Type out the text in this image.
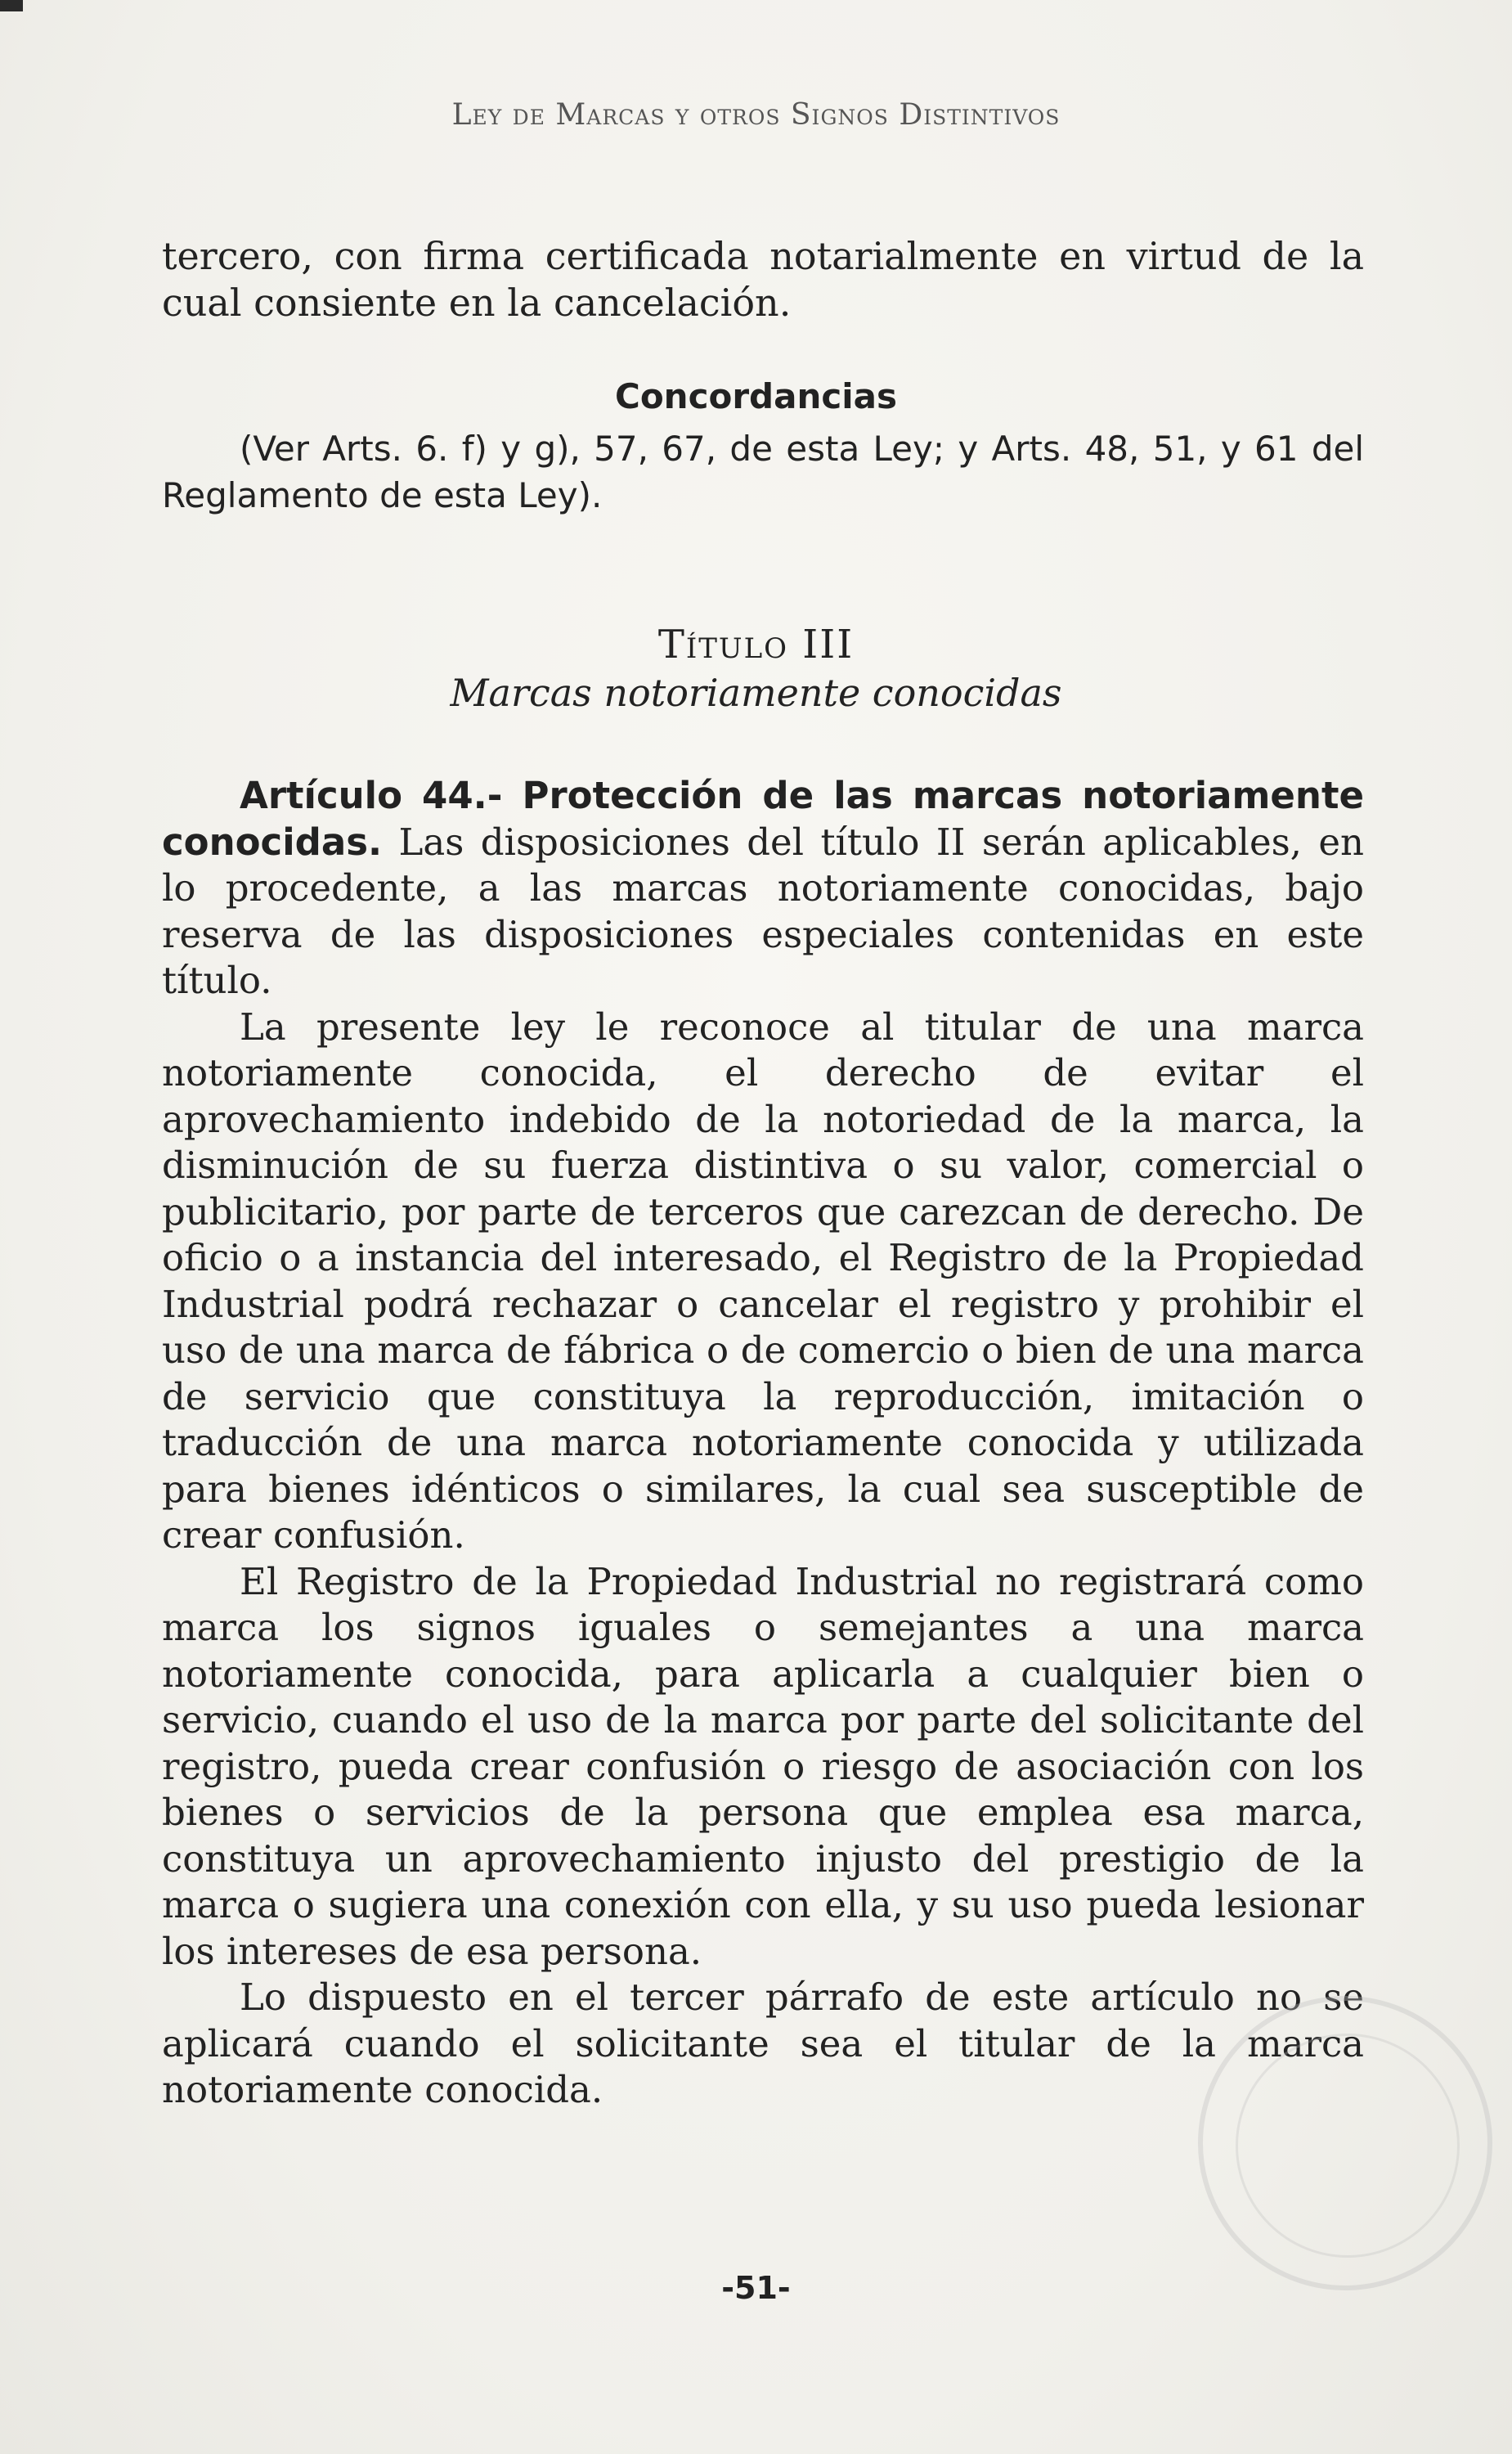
Ley de Marcas y otros Signos Distintivos

tercero, con firma certificada notarialmente en virtud de la cual consiente en la cancelación.

Concordancias

(Ver Arts. 6. f) y g), 57, 67, de esta Ley; y Arts. 48, 51, y 61 del Reglamento de esta Ley).

Título III
Marcas notoriamente conocidas

Artículo 44.- Protección de las marcas notoriamente conocidas. Las disposiciones del título II serán aplicables, en lo procedente, a las marcas notoriamente conocidas, bajo reserva de las disposiciones especiales contenidas en este título.

La presente ley le reconoce al titular de una marca notoriamente conocida, el derecho de evitar el aprovechamiento indebido de la notoriedad de la marca, la disminución de su fuerza distintiva o su valor, comercial o publicitario, por parte de terceros que carezcan de derecho. De oficio o a instancia del interesado, el Registro de la Propiedad Industrial podrá rechazar o cancelar el registro y prohibir el uso de una marca de fábrica o de comercio o bien de una marca de servicio que constituya la reproducción, imitación o traducción de una marca notoriamente conocida y utilizada para bienes idénticos o similares, la cual sea susceptible de crear confusión.

El Registro de la Propiedad Industrial no registrará como marca los signos iguales o semejantes a una marca notoriamente conocida, para aplicarla a cualquier bien o servicio, cuando el uso de la marca por parte del solicitante del registro, pueda crear confusión o riesgo de asociación con los bienes o servicios de la persona que emplea esa marca, constituya un aprovechamiento injusto del prestigio de la marca o sugiera una conexión con ella, y su uso pueda lesionar los intereses de esa persona.

Lo dispuesto en el tercer párrafo de este artículo no se aplicará cuando el solicitante sea el titular de la marca notoriamente conocida.

-51-
